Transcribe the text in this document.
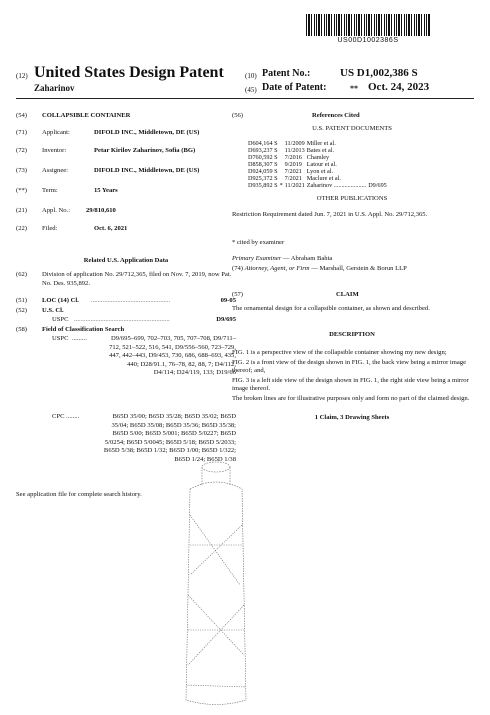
US00D1002386S
(12) United States Design Patent
Zaharinov
(10) Patent No.:	US D1,002,386 S
(45) Date of Patent:	** Oct. 24, 2023
(54)	COLLAPSIBLE CONTAINER
(71)	Applicant:	DIFOLD INC., Middletown, DE (US)
(72)	Inventor:	Petar Kirilov Zaharinov, Sofia (BG)
(73)	Assignee:	DIFOLD INC., Middletown, DE (US)
(**)	Term:	15 Years
(21)	Appl. No.: 29/810,610
(22)	Filed:	Oct. 6, 2021
Related U.S. Application Data
(62)	Division of application No. 29/712,365, filed on Nov. 7, 2019, now Pat. No. Des. 935,892.
(51)	LOC (14) Cl. ................................................	09-05
(52)	U.S. Cl.
USPC ..........................................................	D9/695
(58)	Field of Classification Search
USPC .........	D9/695–699, 702–703, 705, 707–708, D9/711–712, 521–522, 516, 541, D9/556–560, 723–729, 447, 442–443, D9/453, 730, 686, 688–693, 435, 440; D28/91.1, 76–78, 82, 88, 7; D4/112, D4/114; D24/119, 133; D19/66
CPC ........	B65D 35/00; B65D 35/28; B65D 35/02; B65D 35/04; B65D 35/08; B65D 35/36; B65D 35/38; B65D 5/00; B65D 5/001; B65D 5/0227; B65D 5/0254; B65D 5/0045; B65D 5/18; B65D 5/2033; B65D 5/38; B65D 1/32; B65D 1/00; B65D 1/322; B65D 1/24; B65D 1/38
See application file for complete search history.
(56)	References Cited
U.S. PATENT DOCUMENTS
D604,164 S		11/2009	Miller et al.	
D693,237 S		11/2013	Bates et al.	
D760,592 S		7/2016	Chamley	
D858,307 S		9/2019	Latour et al.	
D924,059 S		7/2021	Lyon et al.	
D925,372 S		7/2021	Maclure et al.	
D935,892 S	*	11/2021	Zaharinov .....................	D9/695
OTHER PUBLICATIONS
Restriction Requirement dated Jun. 7, 2021 in U.S. Appl. No. 29/712,365.
* cited by examiner
Primary Examiner — Abraham Bahta
(74) Attorney, Agent, or Firm — Marshall, Gerstein & Borun LLP
(57)	CLAIM
The ornamental design for a collapsible container, as shown and described.
DESCRIPTION

FIG. 1 is a perspective view of the collapsible container showing my new design;

FIG. 2 is a front view of the design shown in FIG. 1, the back view being a mirror image thereof; and,

FIG. 3 is a left side view of the design shown in FIG. 1, the right side view being a mirror image thereof.

The broken lines are for illustrative purposes only and form no part of the claimed design.

1 Claim, 3 Drawing Sheets
